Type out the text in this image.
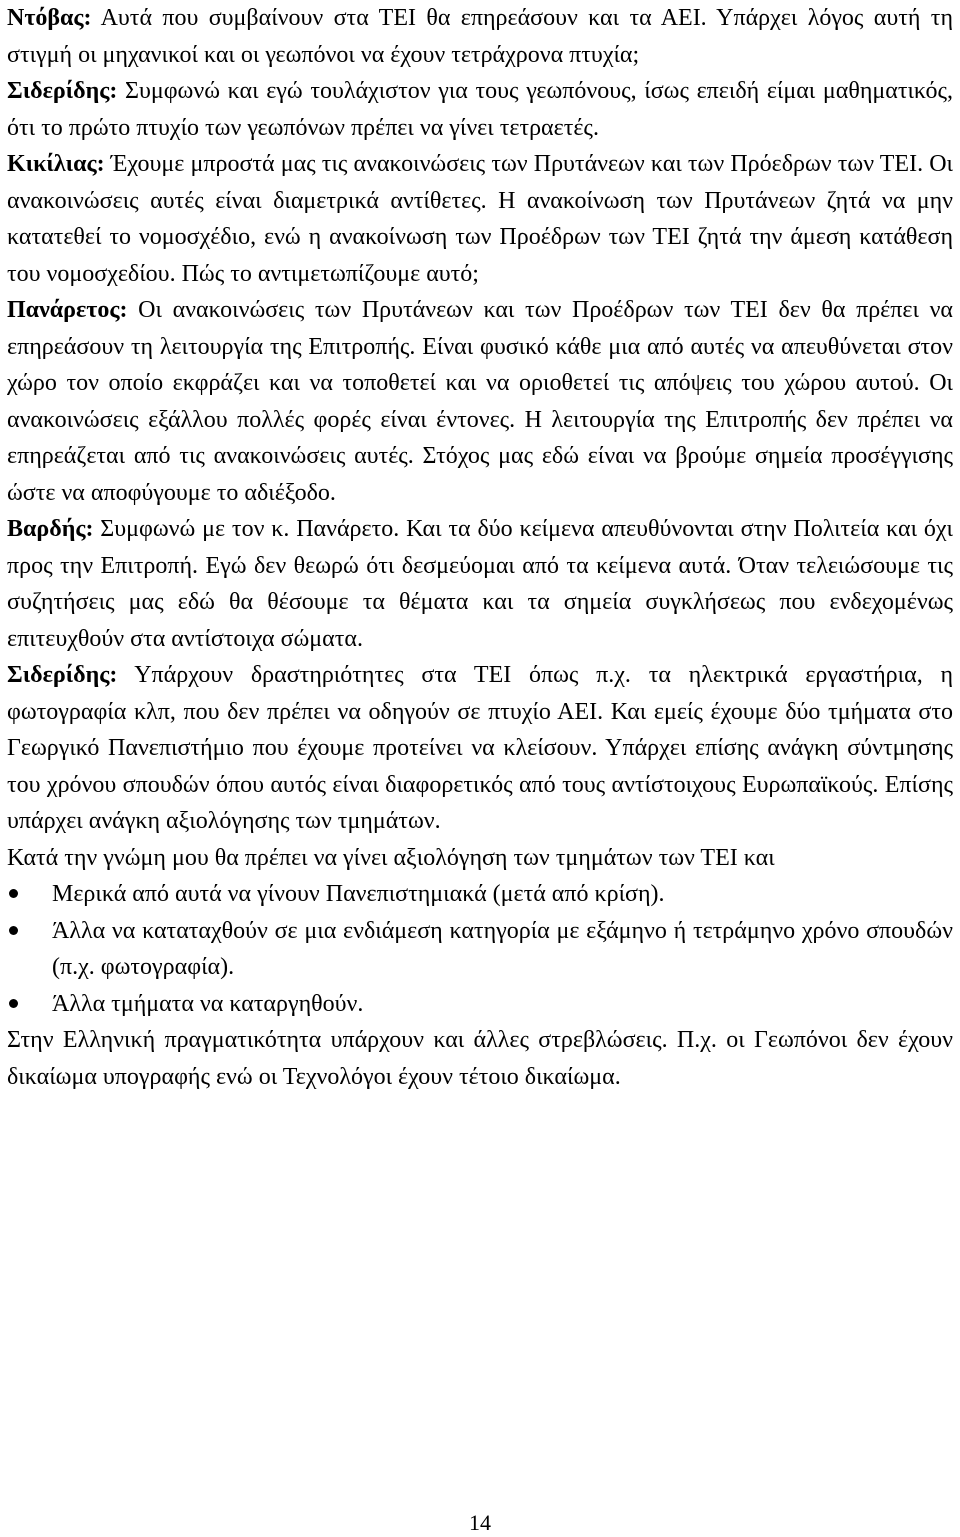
Ντόβας: Αυτά που συμβαίνουν στα ΤΕΙ θα επηρεάσουν και τα ΑΕΙ. Υπάρχει λόγος αυτή τη στιγμή οι μηχανικοί και οι γεωπόνοι να έχουν τετράχρονα πτυχία;

Σιδερίδης: Συμφωνώ και εγώ τουλάχιστον για τους γεωπόνους, ίσως επειδή είμαι μαθηματικός, ότι το πρώτο πτυχίο των γεωπόνων πρέπει να γίνει τετραετές.

Κικίλιας: Έχουμε μπροστά μας τις ανακοινώσεις των Πρυτάνεων και των Πρόεδρων των ΤΕΙ. Οι ανακοινώσεις αυτές είναι διαμετρικά αντίθετες. Η ανακοίνωση των Πρυτάνεων ζητά να μην κατατεθεί το νομοσχέδιο, ενώ η ανακοίνωση των Προέδρων των ΤΕΙ ζητά την άμεση κατάθεση του νομοσχεδίου. Πώς το αντιμετωπίζουμε αυτό;

Πανάρετος: Οι ανακοινώσεις των Πρυτάνεων και των Προέδρων των ΤΕΙ δεν θα πρέπει να επηρεάσουν τη λειτουργία της Επιτροπής. Είναι φυσικό κάθε μια από αυτές να απευθύνεται στον χώρο τον οποίο εκφράζει και να τοποθετεί και να οριοθετεί τις απόψεις του χώρου αυτού. Οι ανακοινώσεις εξάλλου πολλές φορές είναι έντονες. Η λειτουργία της Επιτροπής δεν πρέπει να επηρεάζεται από τις ανακοινώσεις αυτές. Στόχος μας εδώ είναι να βρούμε σημεία προσέγγισης ώστε να αποφύγουμε το αδιέξοδο.

Βαρδής: Συμφωνώ με τον κ. Πανάρετο. Και τα δύο κείμενα απευθύνονται στην Πολιτεία και όχι προς την Επιτροπή. Εγώ δεν θεωρώ ότι δεσμεύομαι από τα κείμενα αυτά. Όταν τελειώσουμε τις συζητήσεις μας εδώ θα θέσουμε τα θέματα και τα σημεία συγκλήσεως που ενδεχομένως επιτευχθούν στα αντίστοιχα σώματα.

Σιδερίδης: Υπάρχουν δραστηριότητες στα ΤΕΙ όπως π.χ. τα ηλεκτρικά εργαστήρια, η φωτογραφία κλπ, που δεν πρέπει να οδηγούν σε πτυχίο ΑΕΙ. Και εμείς έχουμε δύο τμήματα στο Γεωργικό Πανεπιστήμιο που έχουμε προτείνει να κλείσουν. Υπάρχει επίσης ανάγκη σύντμησης του χρόνου σπουδών όπου αυτός είναι διαφορετικός από τους αντίστοιχους Ευρωπαϊκούς. Επίσης υπάρχει ανάγκη αξιολόγησης των τμημάτων.

Κατά την γνώμη μου θα πρέπει να γίνει αξιολόγηση των τμημάτων των ΤΕΙ και

Μερικά από αυτά να γίνουν Πανεπιστημιακά (μετά από κρίση).
Άλλα να καταταχθούν σε μια ενδιάμεση κατηγορία με εξάμηνο ή τετράμηνο χρόνο σπουδών (π.χ. φωτογραφία).
Άλλα τμήματα να καταργηθούν.

Στην Ελληνική πραγματικότητα υπάρχουν και άλλες στρεβλώσεις. Π.χ. οι Γεωπόνοι δεν έχουν δικαίωμα υπογραφής ενώ οι Τεχνολόγοι έχουν τέτοιο δικαίωμα.

14
